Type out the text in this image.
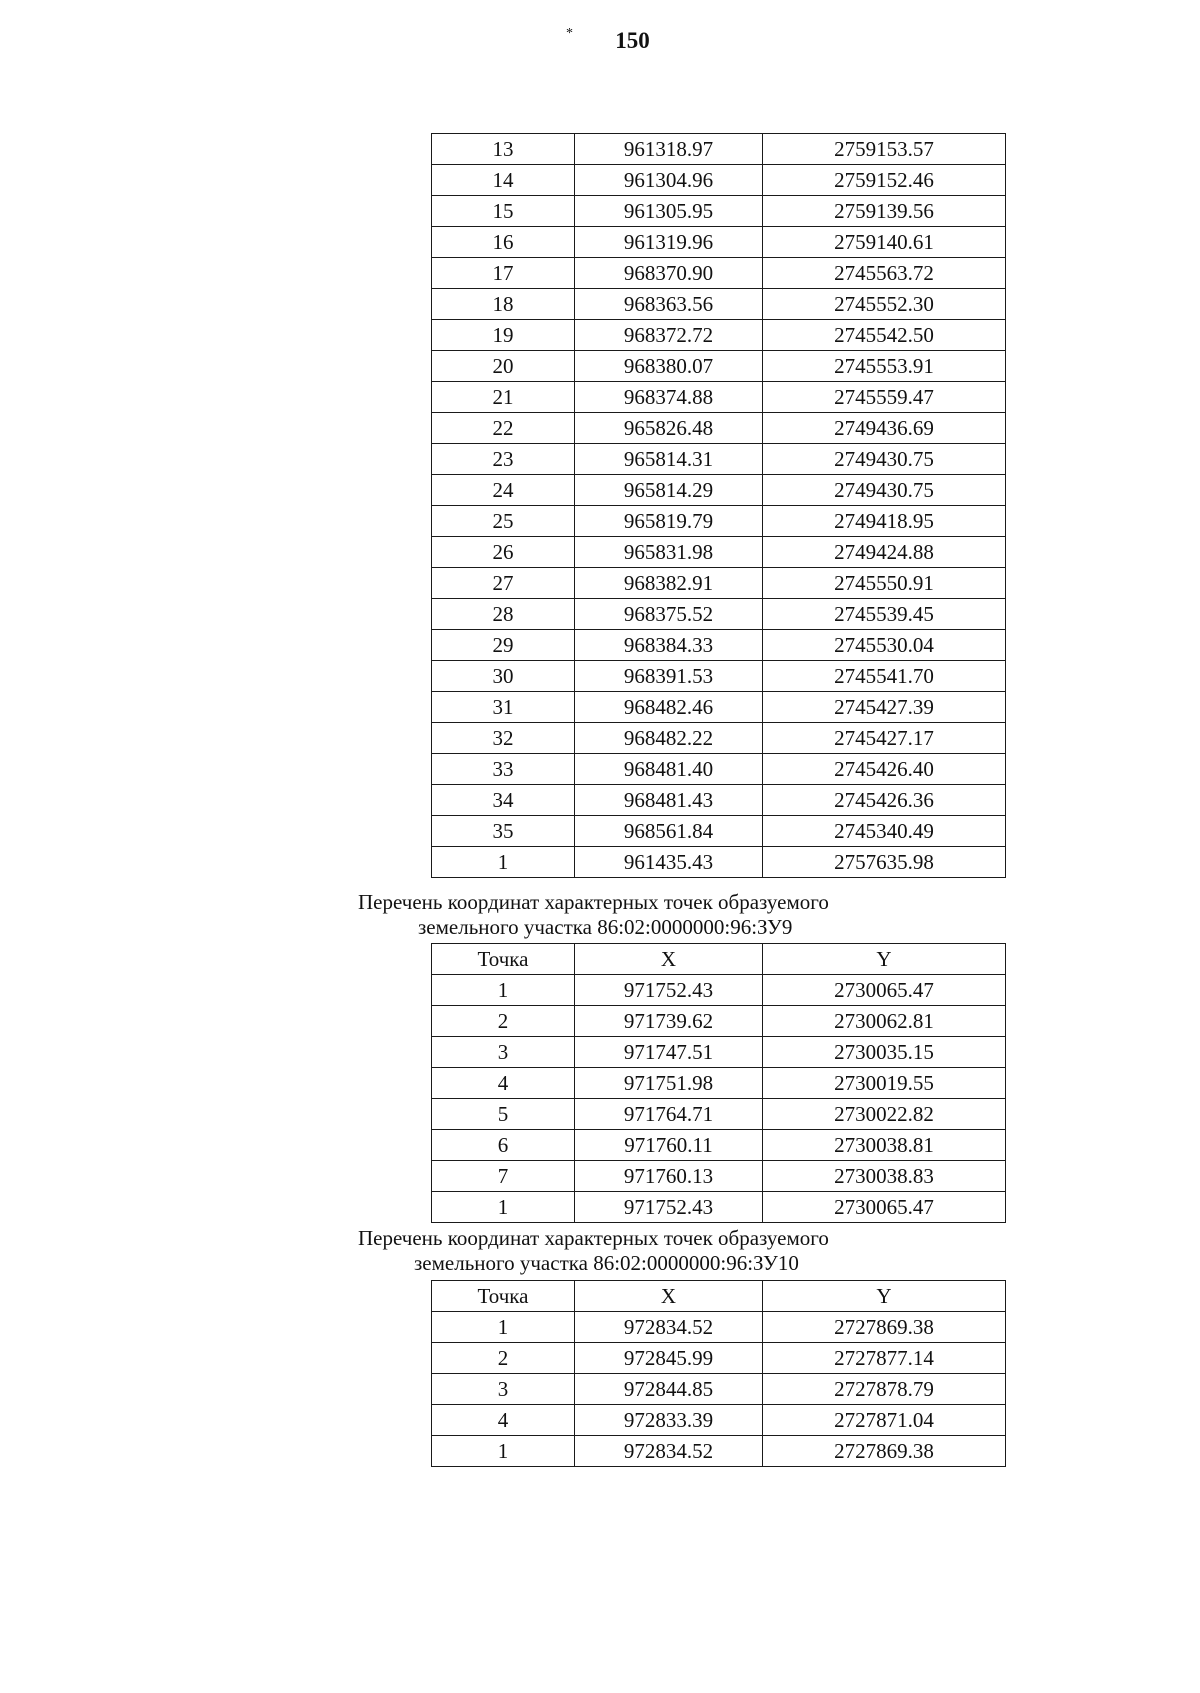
*	150
13	961318.97	2759153.57
14	961304.96	2759152.46
15	961305.95	2759139.56
16	961319.96	2759140.61
17	968370.90	2745563.72
18	968363.56	2745552.30
19	968372.72	2745542.50
20	968380.07	2745553.91
21	968374.88	2745559.47
22	965826.48	2749436.69
23	965814.31	2749430.75
24	965814.29	2749430.75
25	965819.79	2749418.95
26	965831.98	2749424.88
27	968382.91	2745550.91
28	968375.52	2745539.45
29	968384.33	2745530.04
30	968391.53	2745541.70
31	968482.46	2745427.39
32	968482.22	2745427.17
33	968481.40	2745426.40
34	968481.43	2745426.36
35	968561.84	2745340.49
1	961435.43	2757635.98
Перечень координат характерных точек образуемого
земельного участка 86:02:0000000:96:ЗУ9
Точка	X	Y
1	971752.43	2730065.47
2	971739.62	2730062.81
3	971747.51	2730035.15
4	971751.98	2730019.55
5	971764.71	2730022.82
6	971760.11	2730038.81
7	971760.13	2730038.83
1	971752.43	2730065.47
Перечень координат характерных точек образуемого
земельного участка 86:02:0000000:96:ЗУ10
Точка	X	Y
1	972834.52	2727869.38
2	972845.99	2727877.14
3	972844.85	2727878.79
4	972833.39	2727871.04
1	972834.52	2727869.38
